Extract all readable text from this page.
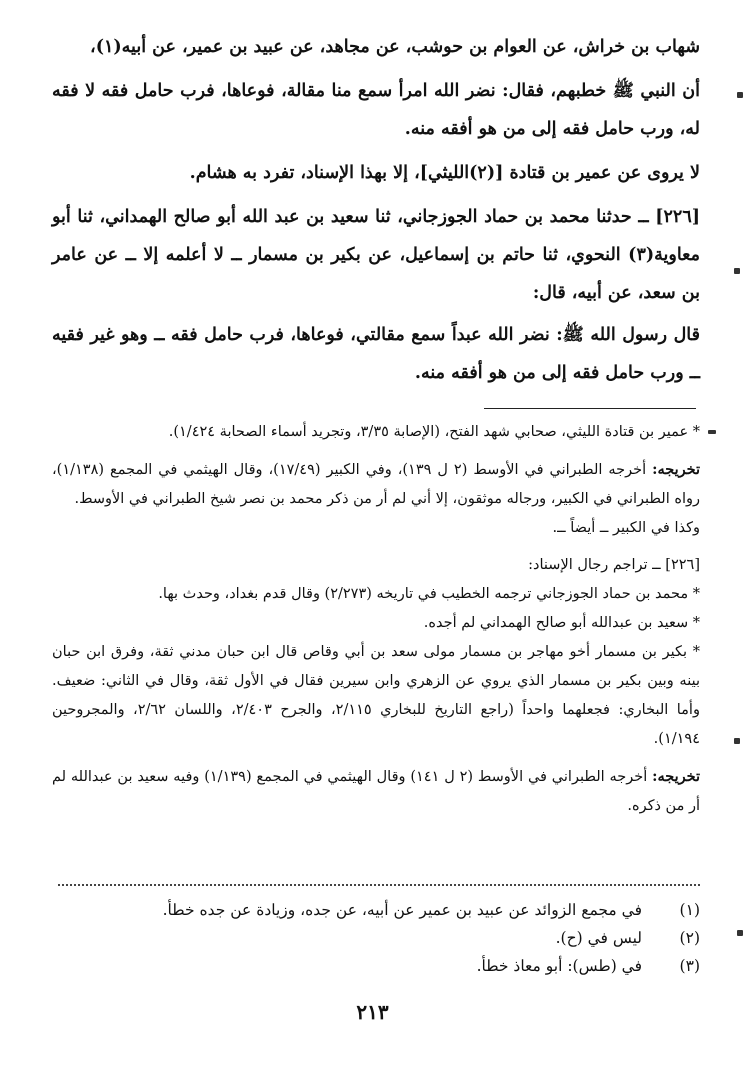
شهاب بن خراش، عن العوام بن حوشب، عن مجاهد، عن عبيد بن عمير، عن أبيه(١)،

أن النبي ﷺ خطبهم، فقال: نضر الله امرأ سمع منا مقالة، فوعاها، فرب حامل فقه لا فقه له، ورب حامل فقه إلى من هو أفقه منه.

لا يروى عن عمير بن قتادة [(٢)الليثي]، إلا بهذا الإسناد، تفرد به هشام.

[٢٢٦] ــ حدثنا محمد بن حماد الجوزجاني، ثنا سعيد بن عبد الله أبو صالح الهمداني، ثنا أبو معاوية(٣) النحوي، ثنا حاتم بن إسماعيل، عن بكير بن مسمار ــ لا أعلمه إلا ــ عن عامر بن سعد، عن أبيه، قال:

قال رسول الله ﷺ: نضر الله عبداً سمع مقالتي، فوعاها، فرب حامل فقه ــ وهو غير فقيه ــ ورب حامل فقه إلى من هو أفقه منه.

* عمير بن قتادة الليثي، صحابي شهد الفتح، (الإصابة ٣/٣٥، وتجريد أسماء الصحابة ١/٤٢٤).

تخريجه: أخرجه الطبراني في الأوسط (٢ ل ١٣٩)، وفي الكبير (١٧/٤٩)، وقال الهيثمي في المجمع (١/١٣٨)، رواه الطبراني في الكبير، ورجاله موثقون، إلا أني لم أر من ذكر محمد بن نصر شيخ الطبراني في الأوسط.

وكذا في الكبير ــ أيضاً ــ.

[٢٢٦] ــ تراجم رجال الإسناد:

* محمد بن حماد الجوزجاني ترجمه الخطيب في تاريخه (٢/٢٧٣) وقال قدم بغداد، وحدث بها.

* سعيد بن عبدالله أبو صالح الهمداني لم أجده.

* بكير بن مسمار أخو مهاجر بن مسمار مولى سعد بن أبي وقاص قال ابن حبان مدني ثقة، وفرق ابن حبان بينه وبين بكير بن مسمار الذي يروي عن الزهري وابن سيرين فقال في الأول ثقة، وقال في الثاني: ضعيف. وأما البخاري: فجعلهما واحداً (راجع التاريخ للبخاري ٢/١١٥، والجرح ٢/٤٠٣، واللسان ٢/٦٢، والمجروحين ١/١٩٤).

تخريجه: أخرجه الطبراني في الأوسط (٢ ل ١٤١) وقال الهيثمي في المجمع (١/١٣٩) وفيه سعيد بن عبدالله لم أر من ذكره.

(١)
في مجمع الزوائد عن عبيد بن عمير عن أبيه، عن جده، وزيادة عن جده خطأ.
(٢)
ليس في (ح).
(٣)
في (طس): أبو معاذ خطأ.
٢١٣
